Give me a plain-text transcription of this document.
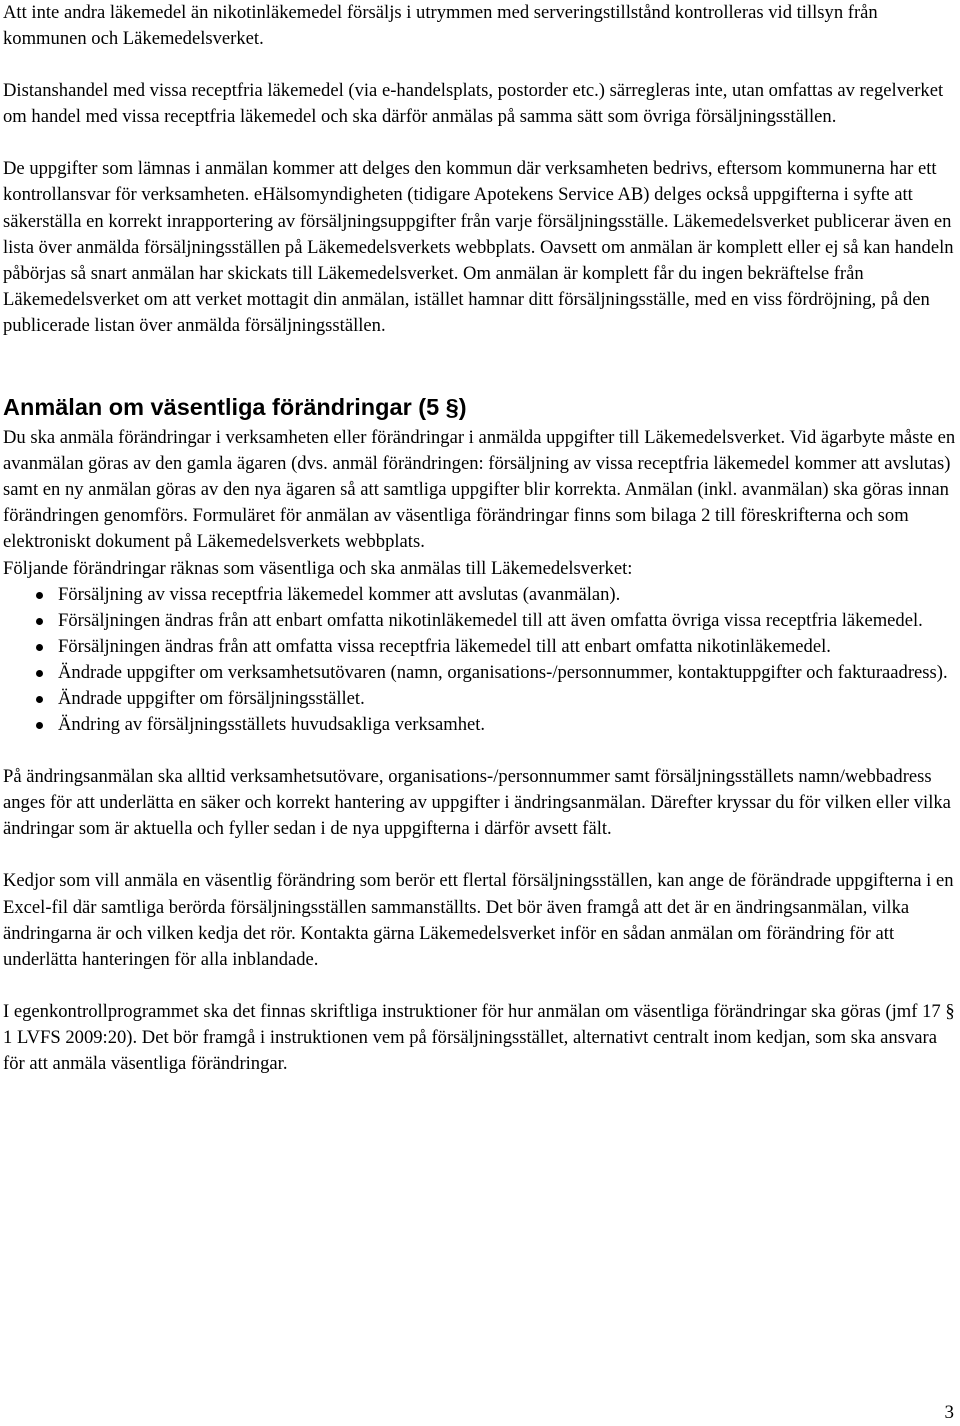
Att inte andra läkemedel än nikotinläkemedel försäljs i utrymmen med serveringstillstånd kontrolleras vid tillsyn från kommunen och Läkemedelsverket.

Distanshandel med vissa receptfria läkemedel (via e-handelsplats, postorder etc.) särregleras inte, utan omfattas av regelverket om handel med vissa receptfria läkemedel och ska därför anmälas på samma sätt som övriga försäljningsställen.

De uppgifter som lämnas i anmälan kommer att delges den kommun där verksamheten bedrivs, eftersom kommunerna har ett kontrollansvar för verksamheten. eHälsomyndigheten (tidigare Apotekens Service AB) delges också uppgifterna i syfte att säkerställa en korrekt inrapportering av försäljningsuppgifter från varje försäljningsställe. Läkemedelsverket publicerar även en lista över anmälda försäljningsställen på Läkemedelsverkets webbplats. Oavsett om anmälan är komplett eller ej så kan handeln påbörjas så snart anmälan har skickats till Läkemedelsverket. Om anmälan är komplett får du ingen bekräftelse från Läkemedelsverket om att verket mottagit din anmälan, istället hamnar ditt försäljningsställe, med en viss fördröjning, på den publicerade listan över anmälda försäljningsställen.

Anmälan om väsentliga förändringar (5 §)

Du ska anmäla förändringar i verksamheten eller förändringar i anmälda uppgifter till Läkemedelsverket. Vid ägarbyte måste en avanmälan göras av den gamla ägaren (dvs. anmäl förändringen: försäljning av vissa receptfria läkemedel kommer att avslutas) samt en ny anmälan göras av den nya ägaren så att samtliga uppgifter blir korrekta. Anmälan (inkl. avanmälan) ska göras innan förändringen genomförs. Formuläret för anmälan av väsentliga förändringar finns som bilaga 2 till föreskrifterna och som elektroniskt dokument på Läkemedelsverkets webbplats.

Följande förändringar räknas som väsentliga och ska anmälas till Läkemedelsverket:

Försäljning av vissa receptfria läkemedel kommer att avslutas (avanmälan).
Försäljningen ändras från att enbart omfatta nikotinläkemedel till att även omfatta övriga vissa receptfria läkemedel.
Försäljningen ändras från att omfatta vissa receptfria läkemedel till att enbart omfatta nikotinläkemedel.
Ändrade uppgifter om verksamhetsutövaren (namn, organisations-/personnummer, kontaktuppgifter och fakturaadress).
Ändrade uppgifter om försäljningsstället.
Ändring av försäljningsställets huvudsakliga verksamhet.

På ändringsanmälan ska alltid verksamhetsutövare, organisations-/personnummer samt försäljningsställets namn/webbadress anges för att underlätta en säker och korrekt hantering av uppgifter i ändringsanmälan. Därefter kryssar du för vilken eller vilka ändringar som är aktuella och fyller sedan i de nya uppgifterna i därför avsett fält.

Kedjor som vill anmäla en väsentlig förändring som berör ett flertal försäljningsställen, kan ange de förändrade uppgifterna i en Excel-fil där samtliga berörda försäljningsställen sammanställts. Det bör även framgå att det är en ändringsanmälan, vilka ändringarna är och vilken kedja det rör. Kontakta gärna Läkemedelsverket inför en sådan anmälan om förändring för att underlätta hanteringen för alla inblandade.

I egenkontrollprogrammet ska det finnas skriftliga instruktioner för hur anmälan om väsentliga förändringar ska göras (jmf 17 § 1 LVFS 2009:20). Det bör framgå i instruktionen vem på försäljningsstället, alternativt centralt inom kedjan, som ska ansvara för att anmäla väsentliga förändringar.

3
